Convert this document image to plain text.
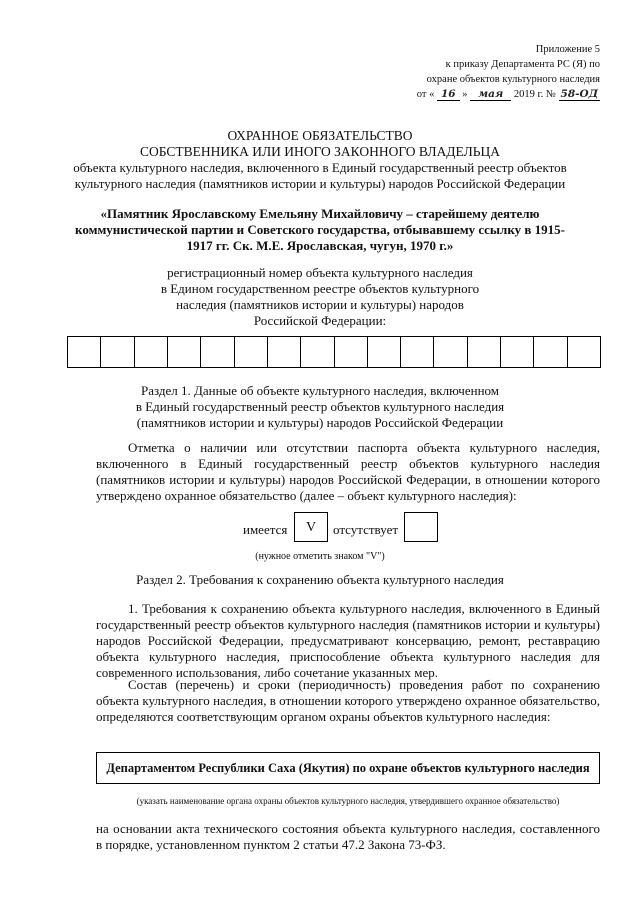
Приложение 5
к приказу Департамента РС (Я) по
охране объектов культурного наследия
от « 16 » мая 2019 г. № 58-ОД
ОХРАННОЕ ОБЯЗАТЕЛЬСТВО
СОБСТВЕННИКА ИЛИ ИНОГО ЗАКОННОГО ВЛАДЕЛЬЦА
объекта культурного наследия, включенного в Единый государственный реестр объектов
культурного наследия (памятников истории и культуры) народов Российской Федерации
«Памятник Ярославскому Емельяну Михайловичу – старейшему деятелю
коммунистической партии и Советского государства, отбывавшему ссылку в 1915-
1917 гг. Ск. М.Е. Ярославская, чугун, 1970 г.»
регистрационный номер объекта культурного наследия
в Едином государственном реестре объектов культурного
наследия (памятников истории и культуры) народов
Российской Федерации:
Раздел 1. Данные об объекте культурного наследия, включенном
в Единый государственный реестр объектов культурного наследия
(памятников истории и культуры) народов Российской Федерации
Отметка о наличии или отсутствии паспорта объекта культурного наследия, включенного в Единый государственный реестр объектов культурного наследия (памятников истории и культуры) народов Российской Федерации, в отношении которого утверждено охранное обязательство (далее – объект культурного наследия):
имеется	V	отсутствует
(нужное отметить знаком "V")
Раздел 2. Требования к сохранению объекта культурного наследия
1. Требования к сохранению объекта культурного наследия, включенного в Единый государственный реестр объектов культурного наследия (памятников истории и культуры) народов Российской Федерации, предусматривают консервацию, ремонт, реставрацию объекта культурного наследия, приспособление объекта культурного наследия для современного использования, либо сочетание указанных мер.
Состав (перечень) и сроки (периодичность) проведения работ по сохранению объекта культурного наследия, в отношении которого утверждено охранное обязательство, определяются соответствующим органом охраны объектов культурного наследия:
Департаментом Республики Саха (Якутия) по охране объектов культурного наследия
(указать наименование органа охраны объектов культурного наследия, утвердившего охранное обязательство)
на основании акта технического состояния объекта культурного наследия, составленного в порядке, установленном пунктом 2 статьи 47.2 Закона 73-ФЗ.
